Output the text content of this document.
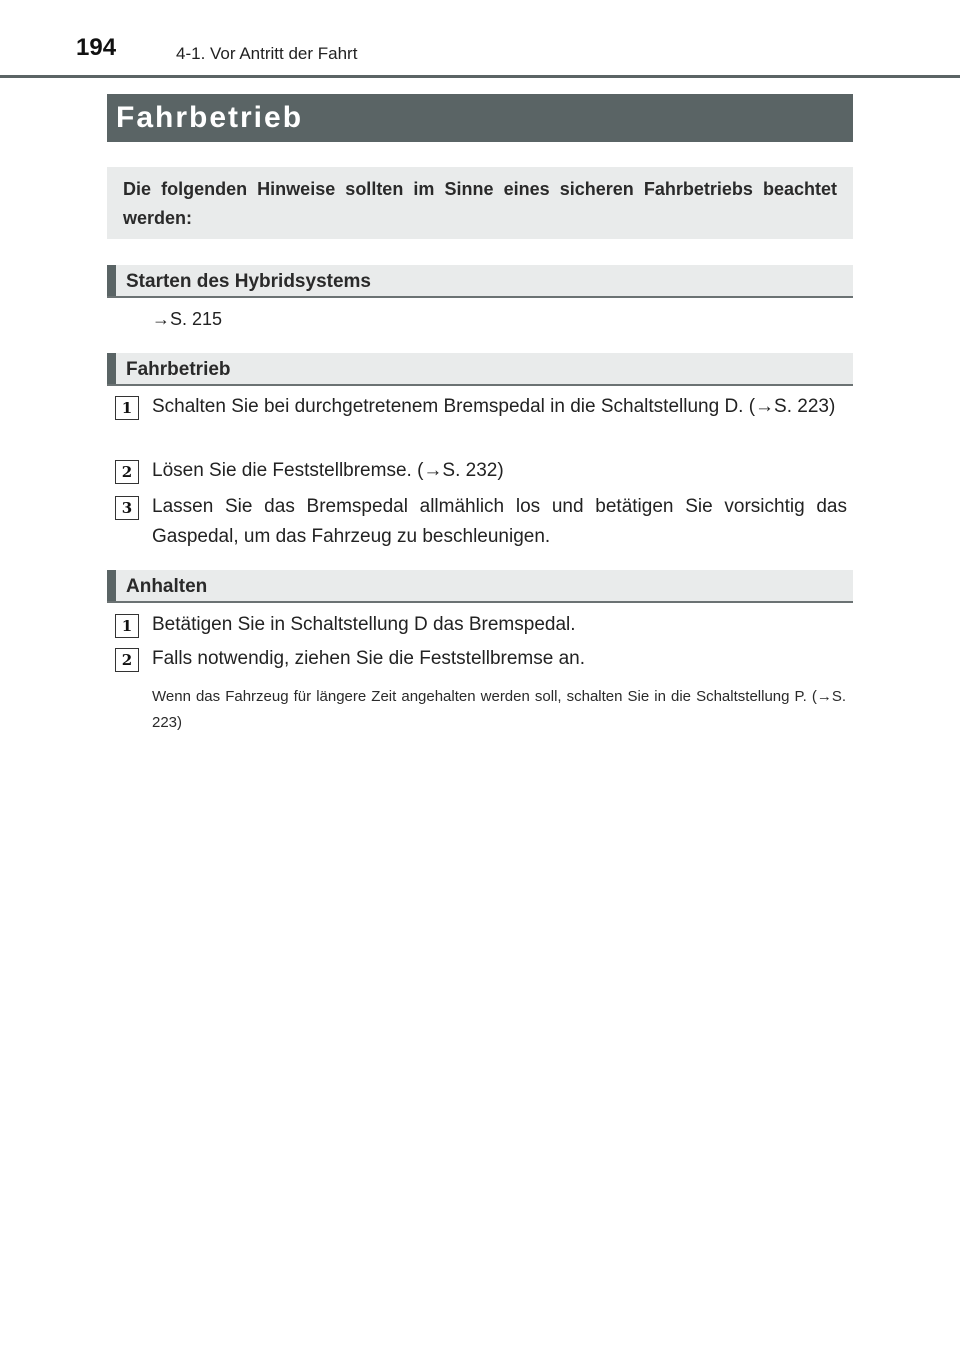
194	4-1. Vor Antritt der Fahrt
Fahrbetrieb
Die folgenden Hinweise sollten im Sinne eines sicheren Fahrbetriebs beachtet werden:
Starten des Hybridsystems
→S. 215
Fahrbetrieb
1	Schalten Sie bei durchgetretenem Bremspedal in die Schaltstellung D. (→S. 223)
2	Lösen Sie die Feststellbremse. (→S. 232)
3	Lassen Sie das Bremspedal allmählich los und betätigen Sie vorsichtig das Gaspedal, um das Fahrzeug zu beschleunigen.
Anhalten
1	Betätigen Sie in Schaltstellung D das Bremspedal.
2	Falls notwendig, ziehen Sie die Feststellbremse an.
Wenn das Fahrzeug für längere Zeit angehalten werden soll, schalten Sie in die Schaltstellung P. (→S. 223)
